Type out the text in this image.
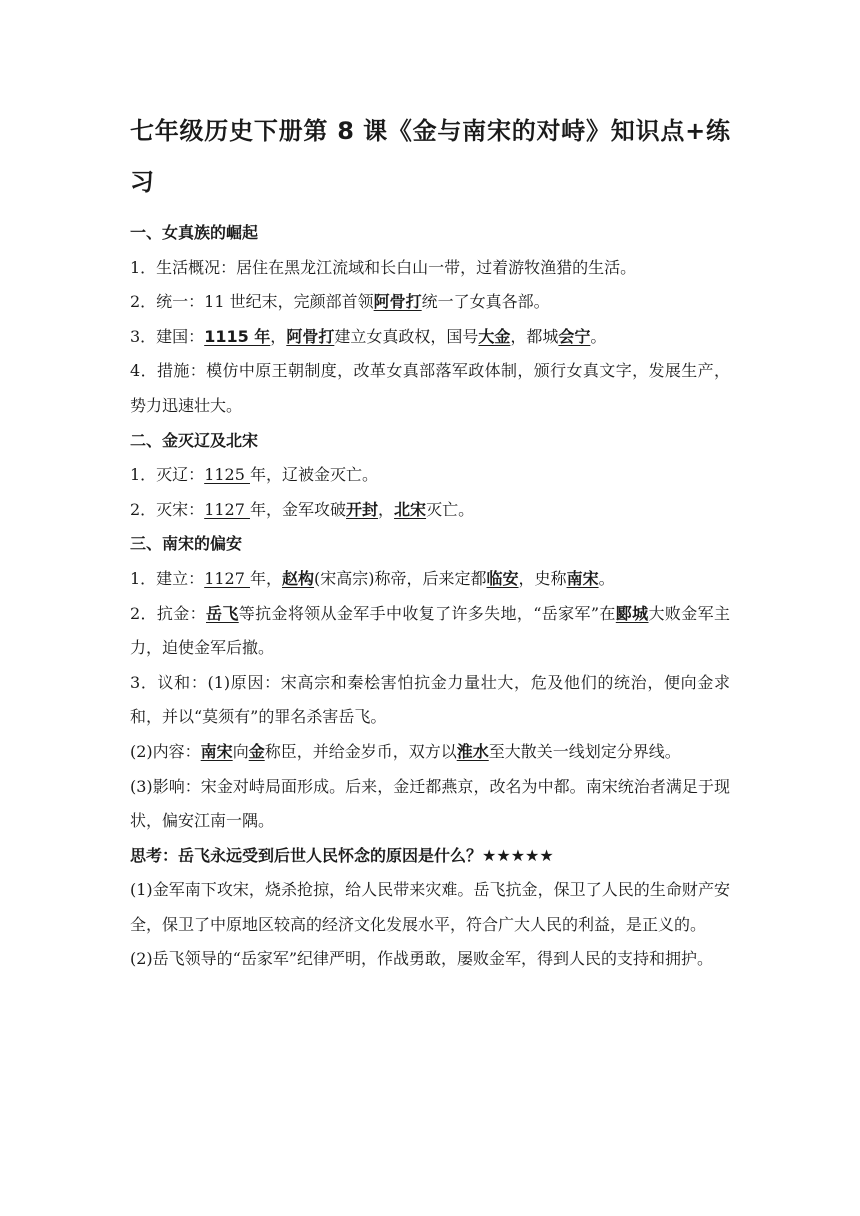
七年级历史下册第 8 课《金与南宋的对峙》知识点+练习
一、女真族的崛起
1．生活概况：居住在黑龙江流域和长白山一带，过着游牧渔猎的生活。
2．统一：11 世纪末，完颜部首领阿骨打统一了女真各部。
3．建国：1115 年，阿骨打建立女真政权，国号大金，都城会宁。
4．措施：模仿中原王朝制度，改革女真部落军政体制，颁行女真文字，发展生产，势力迅速壮大。
二、金灭辽及北宋
1．灭辽：1125 年，辽被金灭亡。
2．灭宋：1127 年，金军攻破开封，北宋灭亡。
三、南宋的偏安
1．建立：1127 年，赵构(宋高宗)称帝，后来定都临安，史称南宋。
2．抗金：岳飞等抗金将领从金军手中收复了许多失地，“岳家军”在郾城大败金军主力，迫使金军后撤。
3．议和：(1)原因：宋高宗和秦桧害怕抗金力量壮大，危及他们的统治，便向金求和，并以“莫须有”的罪名杀害岳飞。
(2)内容：南宋向金称臣，并给金岁币，双方以淮水至大散关一线划定分界线。
(3)影响：宋金对峙局面形成。后来，金迁都燕京，改名为中都。南宋统治者满足于现状，偏安江南一隅。
思考：岳飞永远受到后世人民怀念的原因是什么？★★★★★
(1)金军南下攻宋，烧杀抢掠，给人民带来灾难。岳飞抗金，保卫了人民的生命财产安全，保卫了中原地区较高的经济文化发展水平，符合广大人民的利益，是正义的。
(2)岳飞领导的“岳家军”纪律严明，作战勇敢，屡败金军，得到人民的支持和拥护。
